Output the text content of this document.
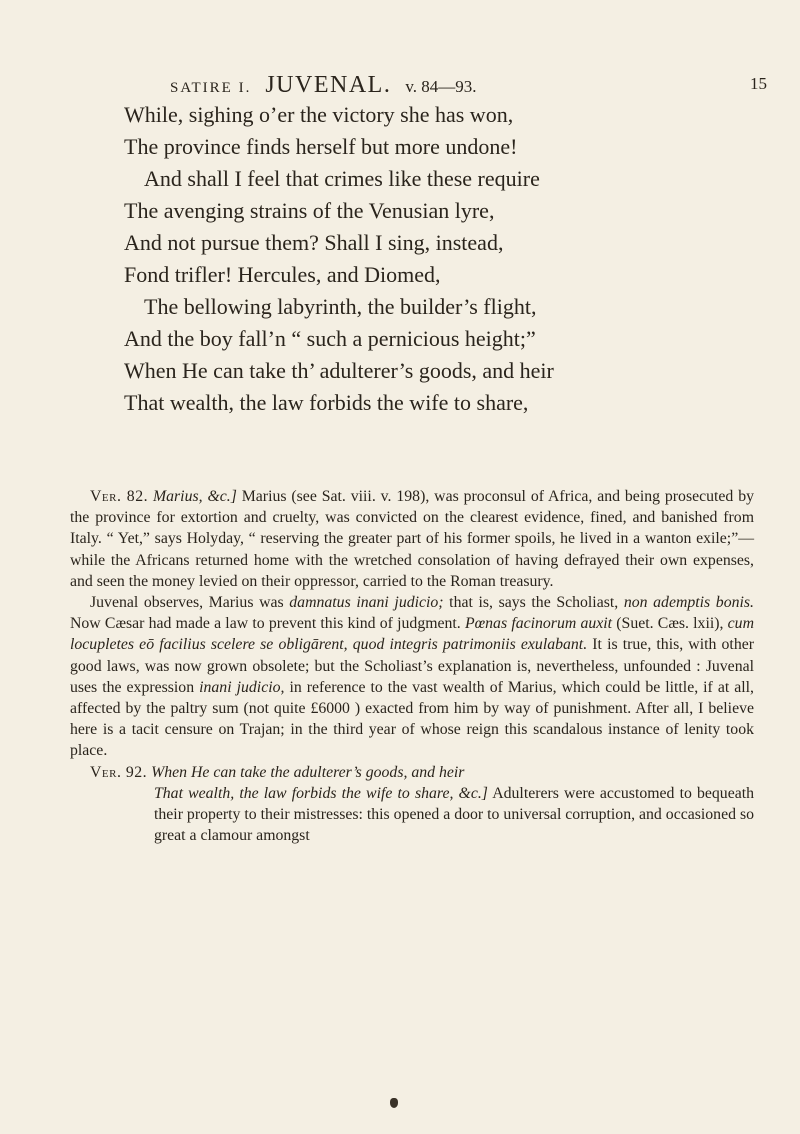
SATIRE I. JUVENAL. v. 84—93.	15
While, sighing o’er the victory she has won,
The province finds herself but more undone!
And shall I feel that crimes like these require
The avenging strains of the Venusian lyre,
And not pursue them? Shall I sing, instead,
Fond trifler! Hercules, and Diomed,
The bellowing labyrinth, the builder’s flight,
And the boy fall’n “ such a pernicious height;”
When He can take th’ adulterer’s goods, and heir
That wealth, the law forbids the wife to share,

Ver. 82. Marius, &c.] Marius (see Sat. viii. v. 198), was proconsul of Africa, and being prosecuted by the province for extortion and cruelty, was convicted on the clearest evidence, fined, and banished from Italy. “ Yet,” says Holyday, “ reserving the greater part of his former spoils, he lived in a wanton exile;”—while the Africans returned home with the wretched consolation of having defrayed their own expenses, and seen the money levied on their oppressor, carried to the Roman treasury.

Juvenal observes, Marius was damnatus inani judicio; that is, says the Scholiast, non ademptis bonis. Now Cæsar had made a law to prevent this kind of judgment. Pœnas facinorum auxit (Suet. Cæs. lxii), cum locupletes eō facilius scelere se obligārent, quod integris patrimoniis exulabant. It is true, this, with other good laws, was now grown obsolete; but the Scholiast’s explanation is, nevertheless, unfounded : Juvenal uses the expression inani judicio, in reference to the vast wealth of Marius, which could be little, if at all, affected by the paltry sum (not quite £6000 ) exacted from him by way of punishment. After all, I believe here is a tacit censure on Trajan; in the third year of whose reign this scandalous instance of lenity took place.

Ver. 92. When He can take the adulterer’s goods, and heir
That wealth, the law forbids the wife to share, &c.] Adulterers were accustomed to bequeath their property to their mistresses: this opened a door to universal corruption, and occasioned so great a clamour amongst
